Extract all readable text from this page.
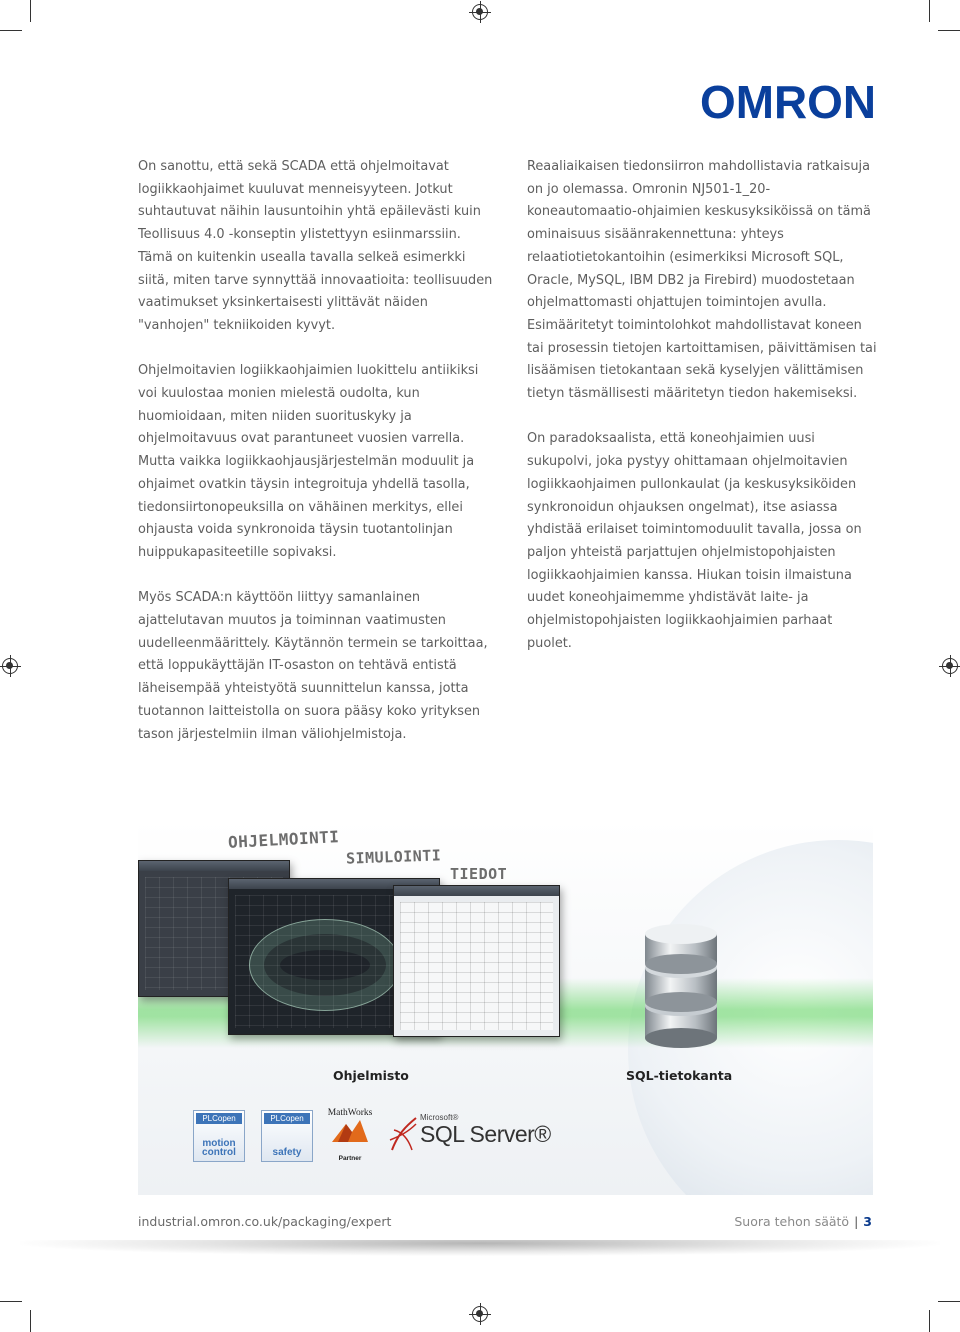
OMRON

On sanottu, että sekä SCADA että ohjelmoitavat logiikkaohjaimet kuuluvat menneisyyteen. Jotkut suhtautuvat näihin lausuntoihin yhtä epäilevästi kuin Teollisuus 4.0 -konseptin ylistettyyn esiinmarssiin. Tämä on kuitenkin usealla tavalla selkeä esimerkki siitä, miten tarve synnyttää innovaatioita: teollisuuden vaatimukset yksinkertaisesti ylittävät näiden "vanhojen" tekniikoiden kyvyt.

Ohjelmoitavien logiikkaohjaimien luokittelu antiikiksi voi kuulostaa monien mielestä oudolta, kun huomioidaan, miten niiden suorituskyky ja ohjelmoitavuus ovat parantuneet vuosien varrella. Mutta vaikka logiikkaohjausjärjestelmän moduulit ja ohjaimet ovatkin täysin integroituja yhdellä tasolla, tiedonsiirtonopeuksilla on vähäinen merkitys, ellei ohjausta voida synkronoida täysin tuotantolinjan huippukapasiteetille sopivaksi.

Myös SCADA:n käyttöön liittyy samanlainen ajattelutavan muutos ja toiminnan vaatimusten uudelleenmäärittely. Käytännön termein se tarkoittaa, että loppukäyttäjän IT-osaston on tehtävä entistä läheisempää yhteistyötä suunnittelun kanssa, jotta tuotannon laitteistolla on suora pääsy koko yrityksen tason järjestelmiin ilman väliohjelmistoja.

Reaaliaikaisen tiedonsiirron mahdollistavia ratkaisuja on jo olemassa. Omronin NJ501-1_20-koneautomaatio-ohjaimien keskusyksiköissä on tämä ominaisuus sisäänrakennettuna: yhteys relaatiotietokantoihin (esimerkiksi Microsoft SQL, Oracle, MySQL, IBM DB2 ja Firebird) muodostetaan ohjelmattomasti ohjattujen toimintojen avulla. Esimääritetyt toimintolohkot mahdollistavat koneen tai prosessin tietojen kartoittamisen, päivittämisen tai lisäämisen tietokantaan sekä kyselyjen välittämisen tietyn täsmällisesti määritetyn tiedon hakemiseksi.

On paradoksaalista, että koneohjaimien uusi sukupolvi, joka pystyy ohittamaan ohjelmoitavien logiikkaohjaimen pullonkaulat (ja keskusyksiköiden synkronoidun ohjauksen ongelmat), itse asiassa yhdistää erilaiset toimintomoduulit tavalla, jossa on paljon yhteistä parjattujen ohjelmistopohjaisten logiikkaohjaimien kanssa. Hiukan toisin ilmaistuna uudet koneohjaimemme yhdistävät laite- ja ohjelmistopohjaisten logiikkaohjaimien parhaat puolet.

OHJELMOINTI
SIMULOINTI
TIEDOT
Ohjelmisto	SQL-tietokanta
PLCopen
motion
control
PLCopen
safety
MathWorks
Partner
Microsoft®
SQL Server®
industrial.omron.co.uk/packaging/expert	Suora tehon säätö | 3
